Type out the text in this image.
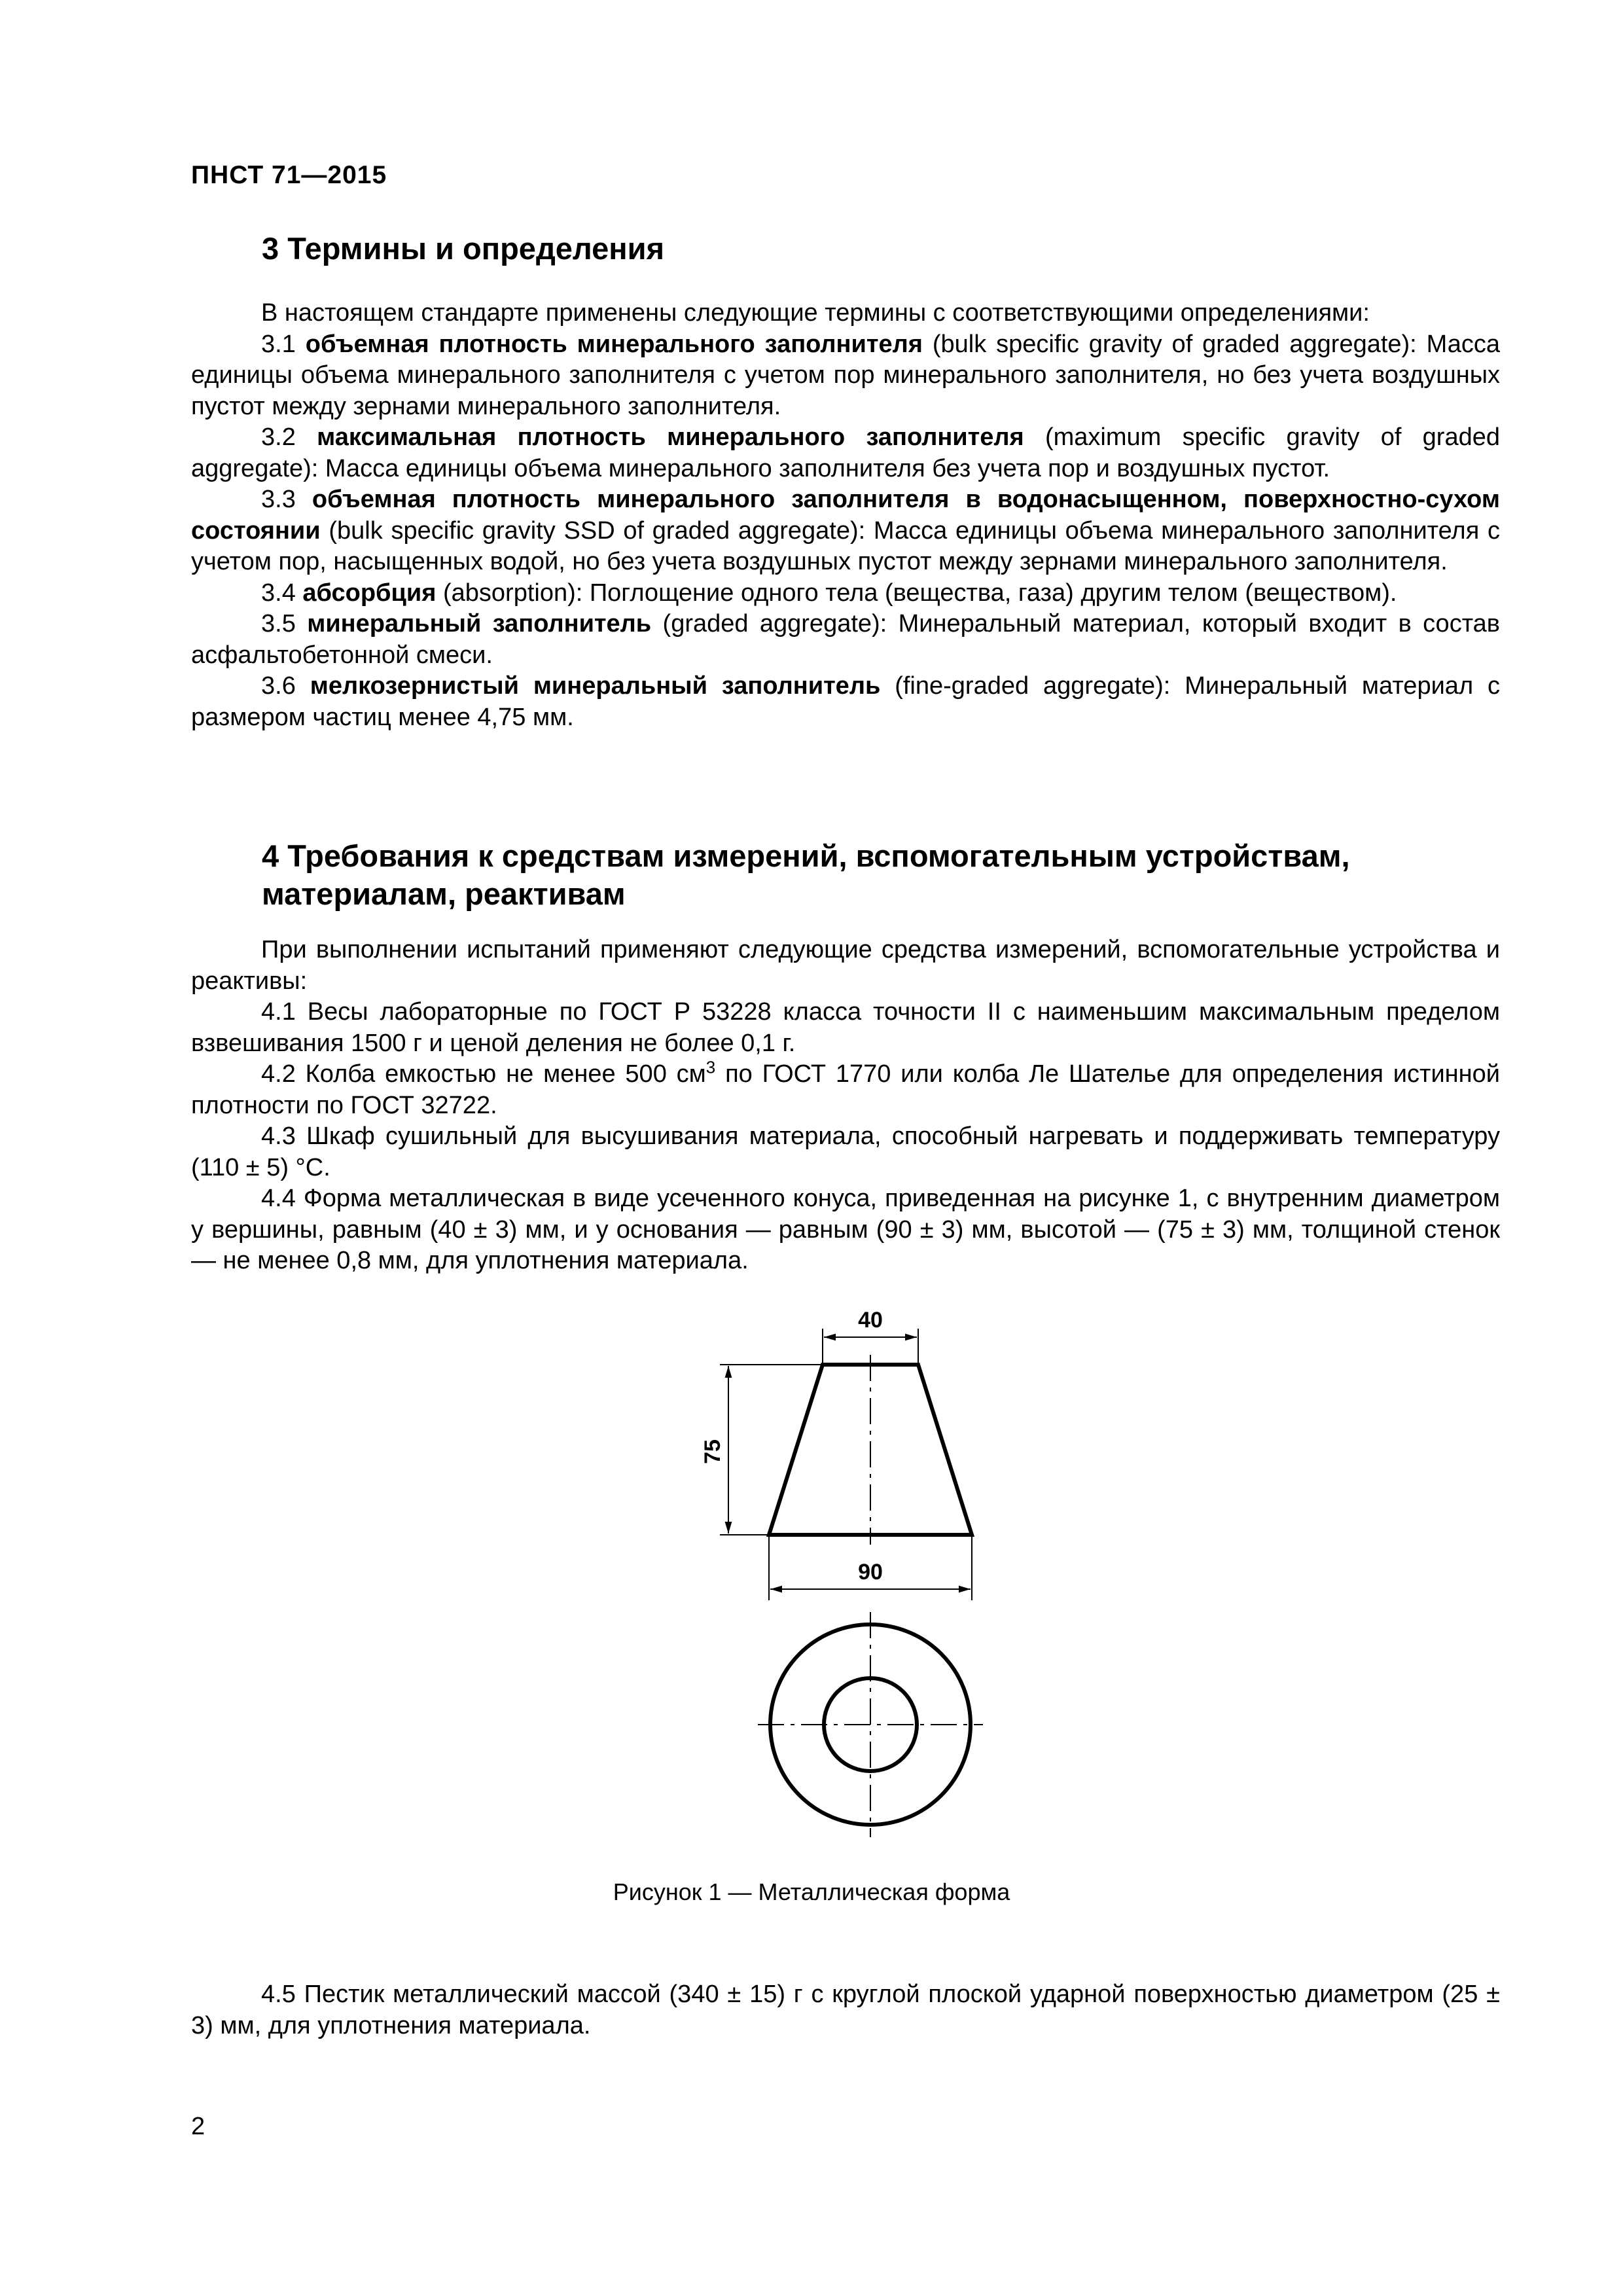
ПНСТ 71—2015
3 Термины и определения

В настоящем стандарте применены следующие термины с соответствующими определениями:

3.1 объемная плотность минерального заполнителя (bulk specific gravity of graded aggregate): Масса единицы объема минерального заполнителя с учетом пор минерального заполнителя, но без учета воздушных пустот между зернами минерального заполнителя.

3.2 максимальная плотность минерального заполнителя (maximum specific gravity of graded aggregate): Масса единицы объема минерального заполнителя без учета пор и воздушных пустот.

3.3 объемная плотность минерального заполнителя в водонасыщенном, поверхностно-сухом состоянии (bulk specific gravity SSD of graded aggregate): Масса единицы объема минерального заполнителя с учетом пор, насыщенных водой, но без учета воздушных пустот между зернами минерального заполнителя.

3.4 абсорбция (absorption): Поглощение одного тела (вещества, газа) другим телом (веществом).

3.5 минеральный заполнитель (graded aggregate): Минеральный материал, который входит в состав асфальтобетонной смеси.

3.6 мелкозернистый минеральный заполнитель (fine-graded aggregate): Минеральный материал с размером частиц менее 4,75 мм.

4 Требования к средствам измерений, вспомогательным устройствам,
материалам, реактивам

При выполнении испытаний применяют следующие средства измерений, вспомогательные устройства и реактивы:

4.1 Весы лабораторные по ГОСТ Р 53228 класса точности II с наименьшим максимальным пределом взвешивания 1500 г и ценой деления не более 0,1 г.

4.2 Колба емкостью не менее 500 $см^3$ по ГОСТ 1770 или колба Ле Шателье для определения истинной плотности по ГОСТ 32722.

4.3 Шкаф сушильный для высушивания материала, способный нагревать и поддерживать температуру (110 ± 5) °С.

4.4 Форма металлическая в виде усеченного конуса, приведенная на рисунке 1, с внутренним диаметром у вершины, равным (40 ± 3) мм, и у основания — равным (90 ± 3) мм, высотой — (75 ± 3) мм, толщиной стенок — не менее 0,8 мм, для уплотнения материала.

40
75
90
Рисунок 1 — Металлическая форма

4.5 Пестик металлический массой (340 ± 15) г с круглой плоской ударной поверхностью диаметром (25 ± 3) мм, для уплотнения материала.

2
